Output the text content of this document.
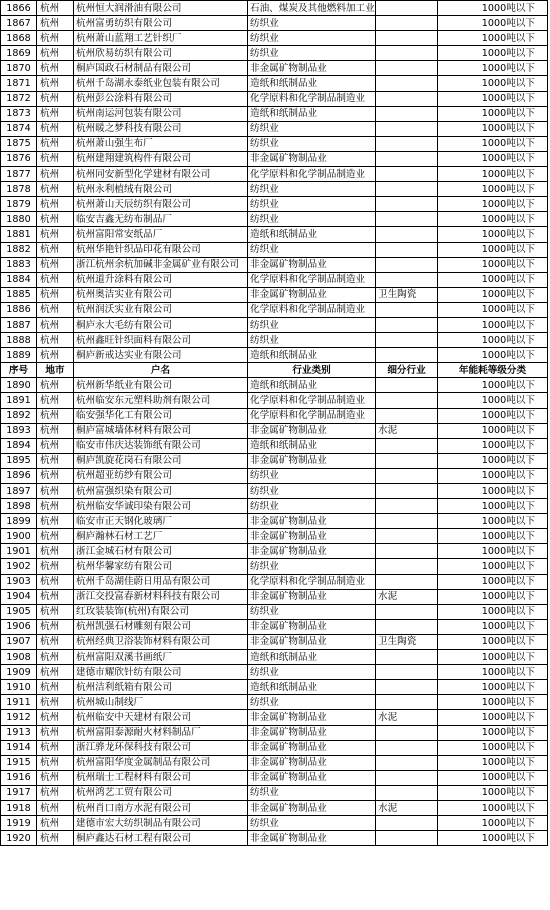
1866	杭州	杭州恒大润滑油有限公司	石油、煤炭及其他燃料加工业		1000吨以下
1867	杭州	杭州富勇纺织有限公司	纺织业		1000吨以下
1868	杭州	杭州萧山蓝翔工艺针织厂	纺织业		1000吨以下
1869	杭州	杭州欣易纺织有限公司	纺织业		1000吨以下
1870	杭州	桐庐国政石材制品有限公司	非金属矿物制品业		1000吨以下
1871	杭州	杭州千岛湖永泰纸业包装有限公司	造纸和纸制品业		1000吨以下
1872	杭州	杭州彭公涂料有限公司	化学原料和化学制品制造业		1000吨以下
1873	杭州	杭州南运河包装有限公司	造纸和纸制品业		1000吨以下
1874	杭州	杭州暖之梦科技有限公司	纺织业		1000吨以下
1875	杭州	杭州萧山强生布厂	纺织业		1000吨以下
1876	杭州	杭州建翔建筑构件有限公司	非金属矿物制品业		1000吨以下
1877	杭州	杭州同安新型化学建材有限公司	化学原料和化学制品制造业		1000吨以下
1878	杭州	杭州永利植绒有限公司	纺织业		1000吨以下
1879	杭州	杭州萧山天辰纺织有限公司	纺织业		1000吨以下
1880	杭州	临安吉鑫无纺布制品厂	纺织业		1000吨以下
1881	杭州	杭州富阳常安纸品厂	造纸和纸制品业		1000吨以下
1882	杭州	杭州华艳针织品印花有限公司	纺织业		1000吨以下
1883	杭州	浙江杭州余杭加碱非金属矿业有限公司	非金属矿物制品业		1000吨以下
1884	杭州	杭州道升涂料有限公司	化学原料和化学制品制造业		1000吨以下
1885	杭州	杭州奥洁实业有限公司	非金属矿物制品业	卫生陶瓷	1000吨以下
1886	杭州	杭州润沃实业有限公司	化学原料和化学制品制造业		1000吨以下
1887	杭州	桐庐永大毛纺有限公司	纺织业		1000吨以下
1888	杭州	杭州鑫旺针织面料有限公司	纺织业		1000吨以下
1889	杭州	桐庐新戒达实业有限公司	造纸和纸制品业		1000吨以下
序号	地市	户名	行业类别	细分行业	年能耗等级分类
1890	杭州	杭州新华纸业有限公司	造纸和纸制品业		1000吨以下
1891	杭州	杭州临安东元塑料助剂有限公司	化学原料和化学制品制造业		1000吨以下
1892	杭州	临安强华化工有限公司	化学原料和化学制品制造业		1000吨以下
1893	杭州	桐庐富城墙体材料有限公司	非金属矿物制品业	水泥	1000吨以下
1894	杭州	临安市伟庆达装饰纸有限公司	造纸和纸制品业		1000吨以下
1895	杭州	桐庐凯旋花岗石有限公司	非金属矿物制品业		1000吨以下
1896	杭州	杭州超亚纺纱有限公司	纺织业		1000吨以下
1897	杭州	杭州富强织染有限公司	纺织业		1000吨以下
1898	杭州	杭州临安华诚印染有限公司	纺织业		1000吨以下
1899	杭州	临安市正天钢化玻璃厂	非金属矿物制品业		1000吨以下
1900	杭州	桐庐瀚林石材工艺厂	非金属矿物制品业		1000吨以下
1901	杭州	浙江金城石材有限公司	非金属矿物制品业		1000吨以下
1902	杭州	杭州华馨家纺有限公司	纺织业		1000吨以下
1903	杭州	杭州千岛湖佳蔚日用品有限公司	化学原料和化学制品制造业		1000吨以下
1904	杭州	浙江交投富春新材料科技有限公司	非金属矿物制品业	水泥	1000吨以下
1905	杭州	红玫装装饰(杭州)有限公司	纺织业		1000吨以下
1906	杭州	杭州凯强石材雕刻有限公司	非金属矿物制品业		1000吨以下
1907	杭州	杭州经典卫浴装饰材料有限公司	非金属矿物制品业	卫生陶瓷	1000吨以下
1908	杭州	杭州富阳双溪书画纸厂	造纸和纸制品业		1000吨以下
1909	杭州	建德市耀欣针纺有限公司	纺织业		1000吨以下
1910	杭州	杭州洁利纸箱有限公司	造纸和纸制品业		1000吨以下
1911	杭州	杭州城山制线厂	纺织业		1000吨以下
1912	杭州	杭州临安中天建材有限公司	非金属矿物制品业	水泥	1000吨以下
1913	杭州	杭州富阳泰源耐火材料制品厂	非金属矿物制品业		1000吨以下
1914	杭州	浙江骅龙环保科技有限公司	非金属矿物制品业		1000吨以下
1915	杭州	杭州富阳华度金属制品有限公司	非金属矿物制品业		1000吨以下
1916	杭州	杭州瑞士工程材料有限公司	非金属矿物制品业		1000吨以下
1917	杭州	杭州鸿艺工贸有限公司	纺织业		1000吨以下
1918	杭州	杭州肖口南方水泥有限公司	非金属矿物制品业	水泥	1000吨以下
1919	杭州	建德市宏大纺织制品有限公司	纺织业		1000吨以下
1920	杭州	桐庐鑫达石材工程有限公司	非金属矿物制品业		1000吨以下
